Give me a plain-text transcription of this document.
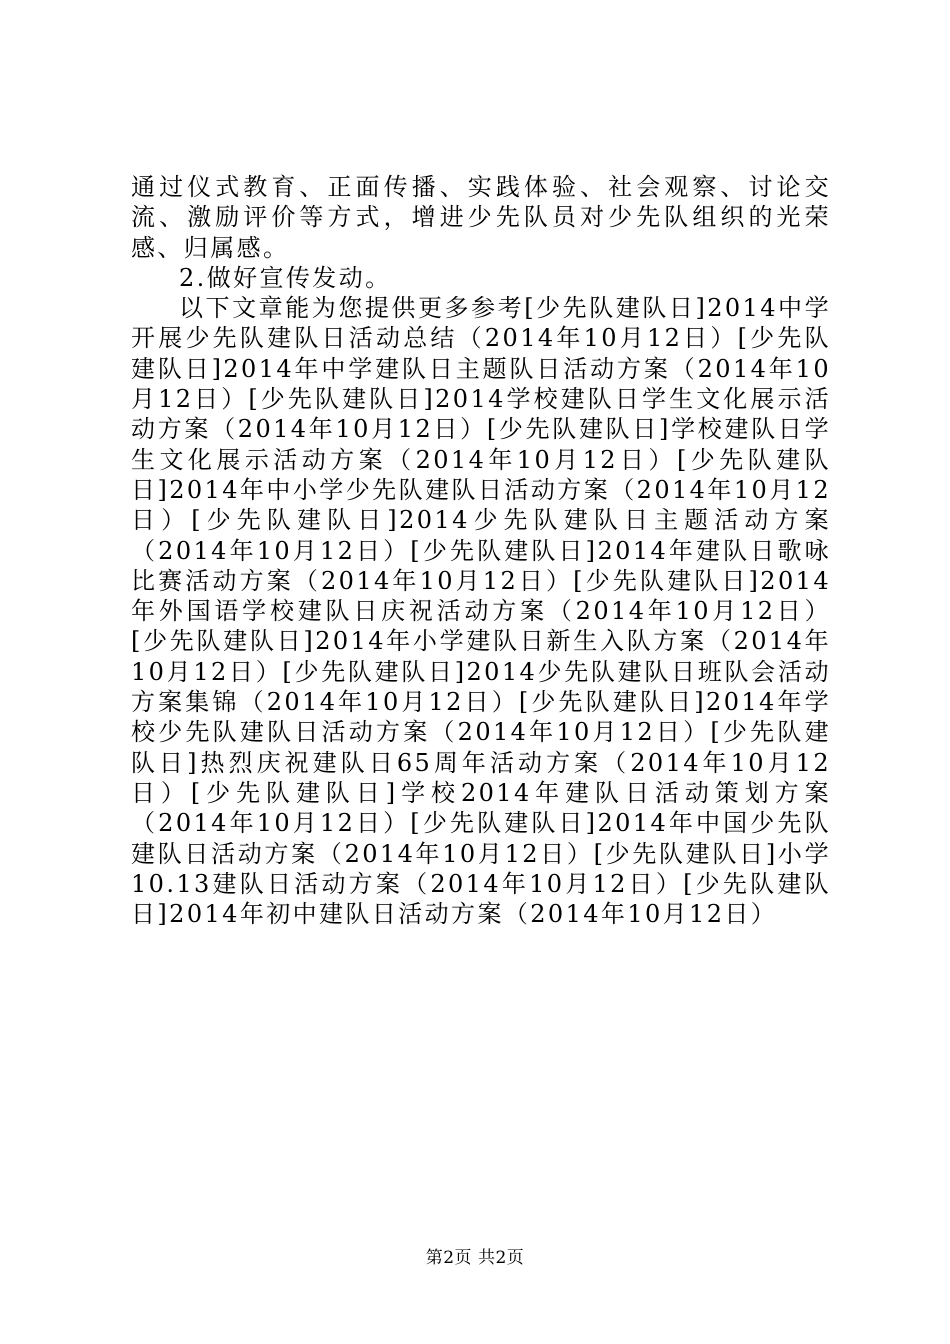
通过仪式教育、正面传播、实践体验、社会观察、讨论交流、激励评价等方式，增进少先队员对少先队组织的光荣感、归属感。

2.做好宣传发动。

以下文章能为您提供更多参考[少先队建队日]2014中学开展少先队建队日活动总结（2014年10月12日）[少先队建队日]2014年中学建队日主题队日活动方案（2014年10月12日）[少先队建队日]2014学校建队日学生文化展示活动方案（2014年10月12日）[少先队建队日]学校建队日学生文化展示活动方案（2014年10月12日）[少先队建队日]2014年中小学少先队建队日活动方案（2014年10月12日）[少先队建队日]2014少先队建队日主题活动方案（2014年10月12日）[少先队建队日]2014年建队日歌咏比赛活动方案（2014年10月12日）[少先队建队日]2014年外国语学校建队日庆祝活动方案（2014年10月12日）[少先队建队日]2014年小学建队日新生入队方案（2014年10月12日）[少先队建队日]2014少先队建队日班队会活动方案集锦（2014年10月12日）[少先队建队日]2014年学校少先队建队日活动方案（2014年10月12日）[少先队建队日]热烈庆祝建队日65周年活动方案（2014年10月12日）[少先队建队日]学校2014年建队日活动策划方案（2014年10月12日）[少先队建队日]2014年中国少先队建队日活动方案（2014年10月12日）[少先队建队日]小学10.13建队日活动方案（2014年10月12日）[少先队建队日]2014年初中建队日活动方案（2014年10月12日）

第2页 共2页
